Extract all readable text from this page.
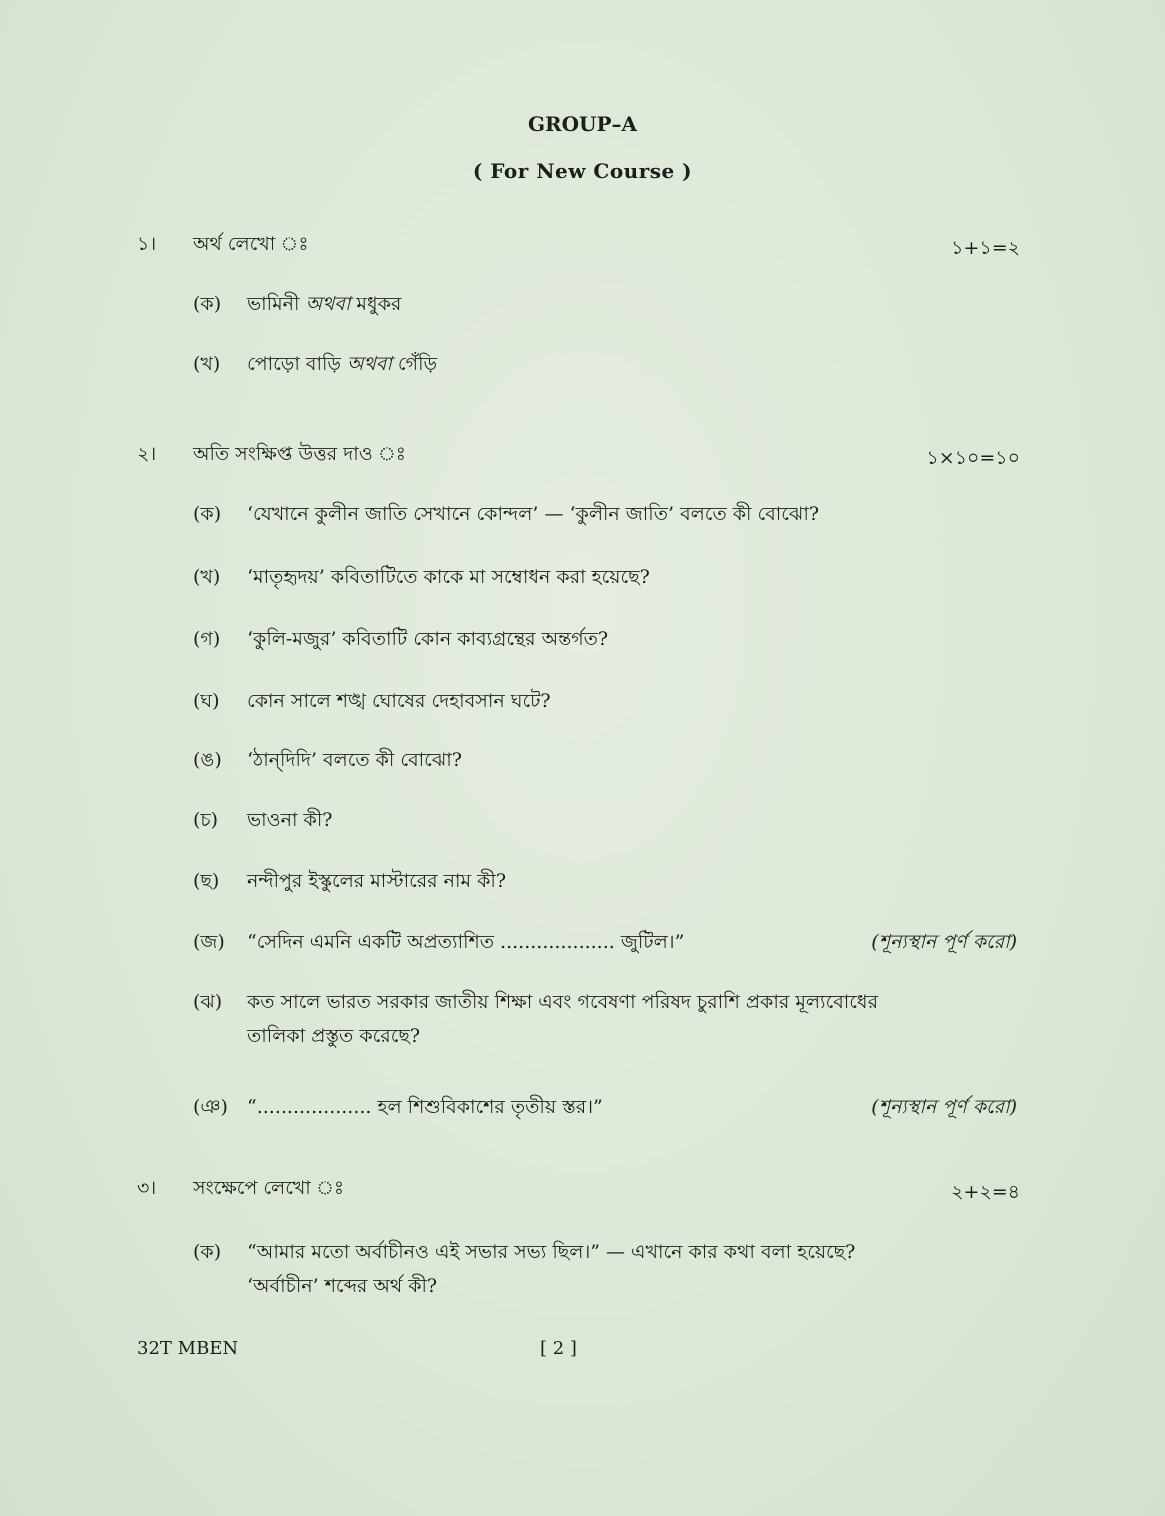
GROUP–A
( For New Course )
১। অর্থ লেখো ঃ	১+১=২
(ক) ভামিনী অথবা মধুকর
(খ) পোড়ো বাড়ি অথবা গেঁড়ি
২। অতি সংক্ষিপ্ত উত্তর দাও ঃ	১×১০=১০
(ক) ‘যেখানে কুলীন জাতি সেখানে কোন্দল’ — ‘কুলীন জাতি’ বলতে কী বোঝো?
(খ) ‘মাতৃহৃদয়’ কবিতাটিতে কাকে মা সম্বোধন করা হয়েছে?
(গ) ‘কুলি-মজুর’ কবিতাটি কোন কাব্যগ্রন্থের অন্তর্গত?
(ঘ) কোন সালে শঙ্খ ঘোষের দেহাবসান ঘটে?
(ঙ) ‘ঠান্‌দিদি’ বলতে কী বোঝো?
(চ) ভাওনা কী?
(ছ) নন্দীপুর ইস্কুলের মাস্টারের নাম কী?
(জ) “সেদিন এমনি একটি অপ্রত্যাশিত ................... জুটিল।”	(শূন্যস্থান পূর্ণ করো)
(ঝ) কত সালে ভারত সরকার জাতীয় শিক্ষা এবং গবেষণা পরিষদ চুরাশি প্রকার মূল্যবোধের
তালিকা প্রস্তুত করেছে?
(ঞ) “................... হল শিশুবিকাশের তৃতীয় স্তর।”	(শূন্যস্থান পূর্ণ করো)
৩। সংক্ষেপে লেখো ঃ	২+২=৪
(ক) “আমার মতো অর্বাচীনও এই সভার সভ্য ছিল।” — এখানে কার কথা বলা হয়েছে?
‘অর্বাচীন’ শব্দের অর্থ কী?
32T MBEN	[ 2 ]
